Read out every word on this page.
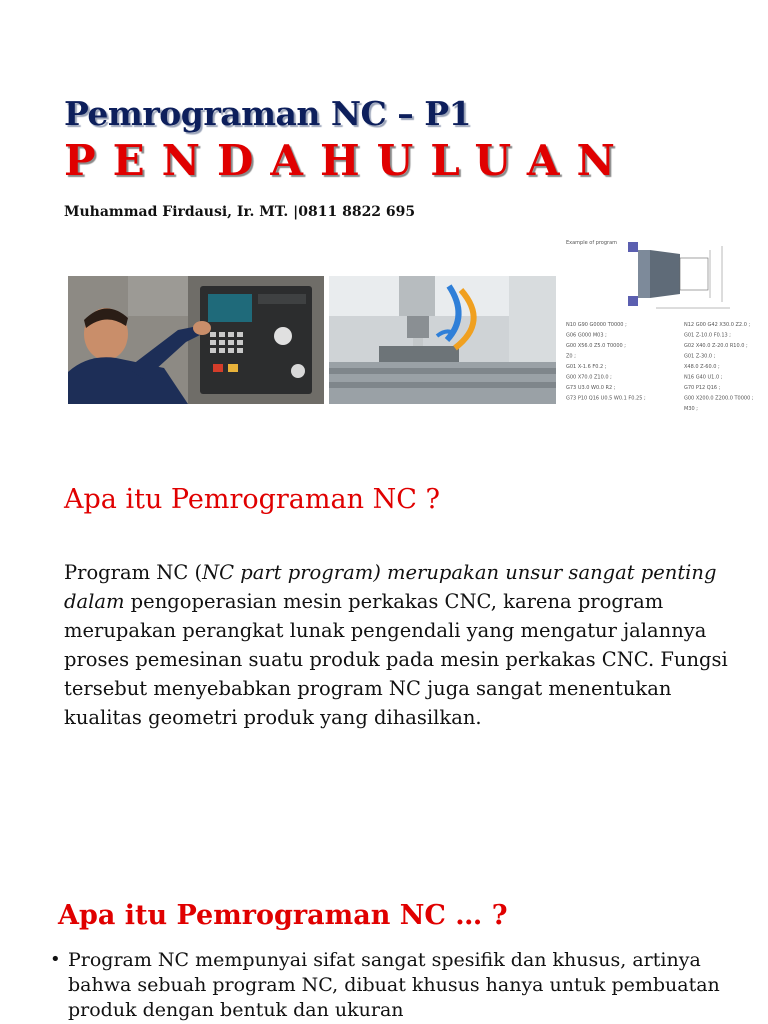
Pemrograman NC – P1
PENDAHULUAN
Muhammad Firdausi, Ir. MT. |0811 8822 695
Example of program
N10 G90 G0000 T0000 ;
G06 G000 M03 ;
G00 X56.0 Z5.0 T0000 ;
Z0 ;
G01 X-1.6 F0.2 ;
G00 X70.0 Z10.0 ;
G73 U3.0 W0.0 R2 ;
G73 P10 Q16 U0.5 W0.1 F0.25 ;
N12 G00 G42 X30.0 Z2.0 ;
G01 Z-10.0 F0.13 ;
G02 X40.0 Z-20.0 R10.0 ;
G01 Z-30.0 ;
X48.0 Z-60.0 ;
N16 G40 U1.0 ;
G70 P12 Q16 ;
G00 X200.0 Z200.0 T0000 ;
M30 ;
Apa itu Pemrograman NC ?
Program NC (NC part program) merupakan unsur sangat penting dalam pengoperasian mesin perkakas CNC, karena program merupakan perangkat lunak pengendali yang mengatur jalannya proses pemesinan suatu produk pada mesin perkakas CNC. Fungsi tersebut menyebabkan program NC juga sangat menentukan kualitas geometri produk yang dihasilkan.
Apa itu Pemrograman NC … ?
• Program NC mempunyai sifat sangat spesifik dan khusus, artinya bahwa sebuah program NC, dibuat khusus hanya untuk pembuatan produk dengan bentuk dan ukuran
